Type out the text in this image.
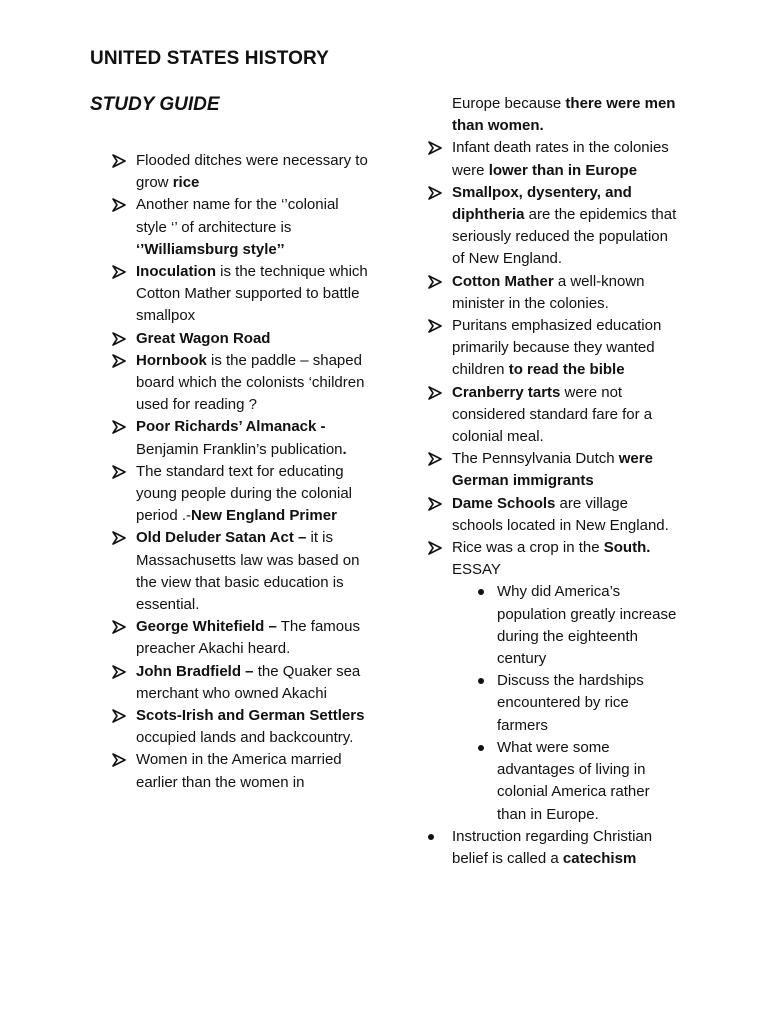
UNITED STATES HISTORY
STUDY GUIDE
Flooded ditches were necessary to grow rice
Another name for the ‘’colonial style ‘’ of architecture is ‘’Williamsburg style’’
Inoculation is the technique which Cotton Mather supported to battle smallpox
Great Wagon Road
Hornbook is the paddle – shaped board which the colonists ‘children used for reading ?
Poor Richards’ Almanack - Benjamin Franklin’s publication.
The standard text for educating young people during the colonial period .-New England Primer
Old Deluder Satan Act – it is Massachusetts law was based on the view that basic education is essential.
George Whitefield – The famous preacher Akachi heard.
John Bradfield – the Quaker sea merchant who owned Akachi
Scots-Irish and German Settlers occupied lands and backcountry.
Women in the America married earlier than the women in
Europe because there were men than women.
Infant death rates in the colonies were lower than in Europe
Smallpox, dysentery, and diphtheria are the epidemics that seriously reduced the population of New England.
Cotton Mather a well-known minister in the colonies.
Puritans emphasized education primarily because they wanted children to read the bible
Cranberry tarts were not considered standard fare for a colonial meal.
The Pennsylvania Dutch were German immigrants
Dame Schools are village schools located in New England.
Rice was a crop in the South.
ESSAY
Why did America’s population greatly increase during the eighteenth century
Discuss the hardships encountered by rice farmers
What were some advantages of living in colonial America rather than in Europe.
Instruction regarding Christian belief is called a catechism
